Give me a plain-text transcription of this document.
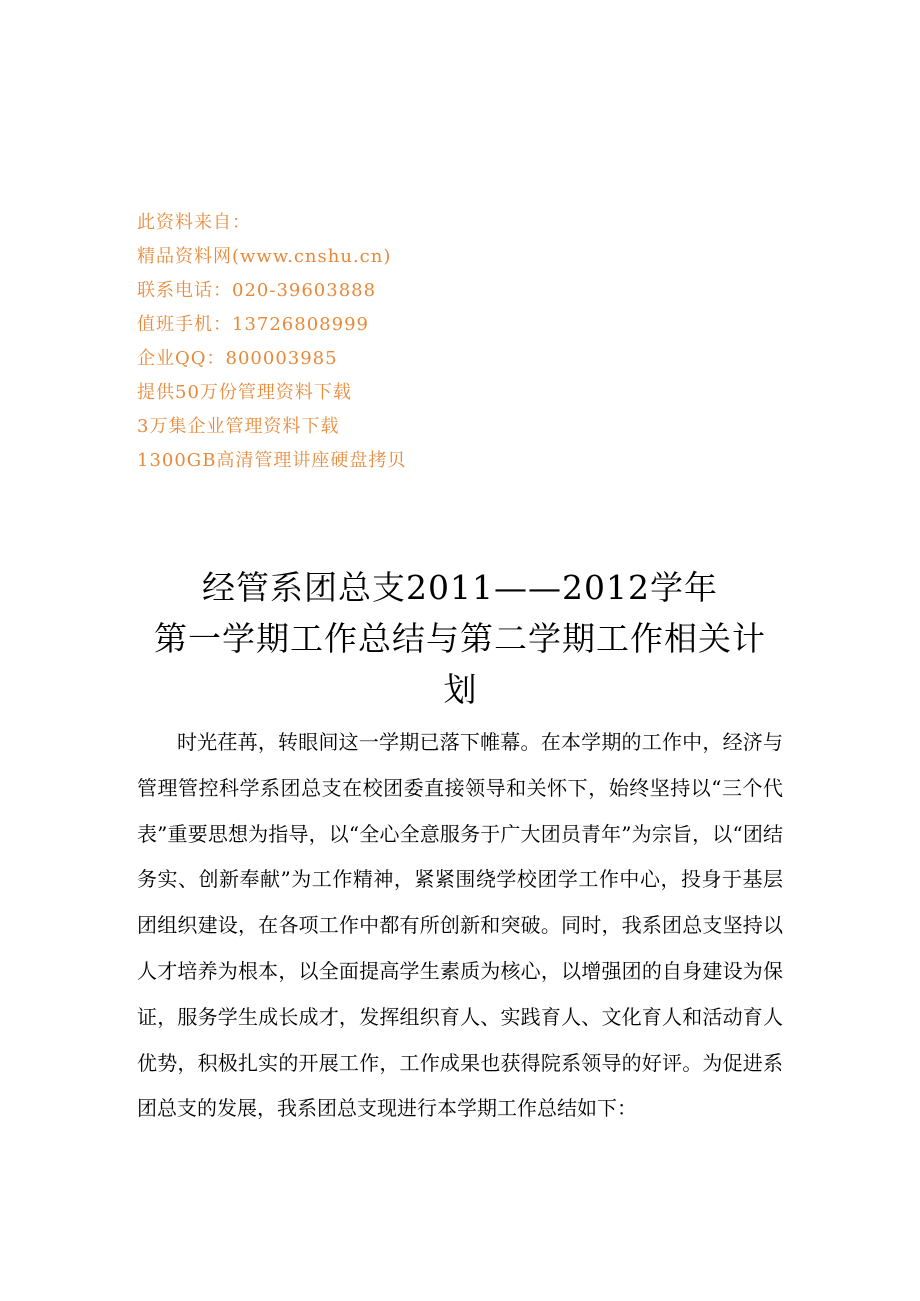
此资料来自：
精品资料网(www.cnshu.cn)
联系电话：020-39603888
值班手机：13726808999
企业QQ：800003985
提供50万份管理资料下载
3万集企业管理资料下载
1300GB高清管理讲座硬盘拷贝
经管系团总支2011——2012学年
第一学期工作总结与第二学期工作相关计
划

时光荏苒，转眼间这一学期已落下帷幕。在本学期的工作中，经济与管理管控科学系团总支在校团委直接领导和关怀下，始终坚持以“三个代表”重要思想为指导，以“全心全意服务于广大团员青年”为宗旨，以“团结务实、创新奉献”为工作精神，紧紧围绕学校团学工作中心，投身于基层团组织建设，在各项工作中都有所创新和突破。同时，我系团总支坚持以人才培养为根本，以全面提高学生素质为核心，以增强团的自身建设为保证，服务学生成长成才，发挥组织育人、实践育人、文化育人和活动育人优势，积极扎实的开展工作，工作成果也获得院系领导的好评。为促进系团总支的发展，我系团总支现进行本学期工作总结如下：
